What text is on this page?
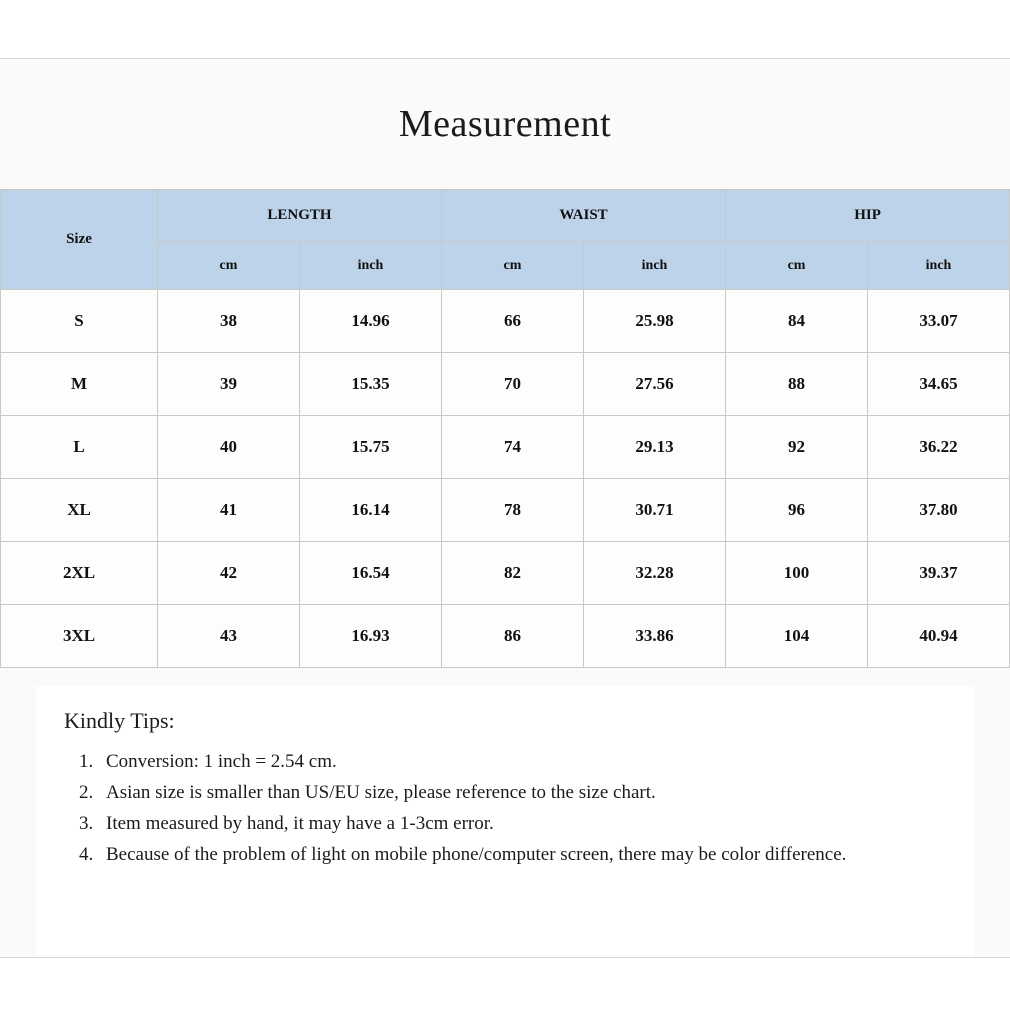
Measurement
Size	LENGTH		WAIST		HIP	
	cm	inch	cm	inch	cm	inch
S	38	14.96	66	25.98	84	33.07
M	39	15.35	70	27.56	88	34.65
L	40	15.75	74	29.13	92	36.22
XL	41	16.14	78	30.71	96	37.80
2XL	42	16.54	82	32.28	100	39.37
3XL	43	16.93	86	33.86	104	40.94
Kindly Tips:
1. Conversion: 1 inch = 2.54 cm.
2. Asian size is smaller than US/EU size, please reference to the size chart.
3. Item measured by hand, it may have a 1-3cm error.
4. Because of the problem of light on mobile phone/computer screen, there may be color difference.
